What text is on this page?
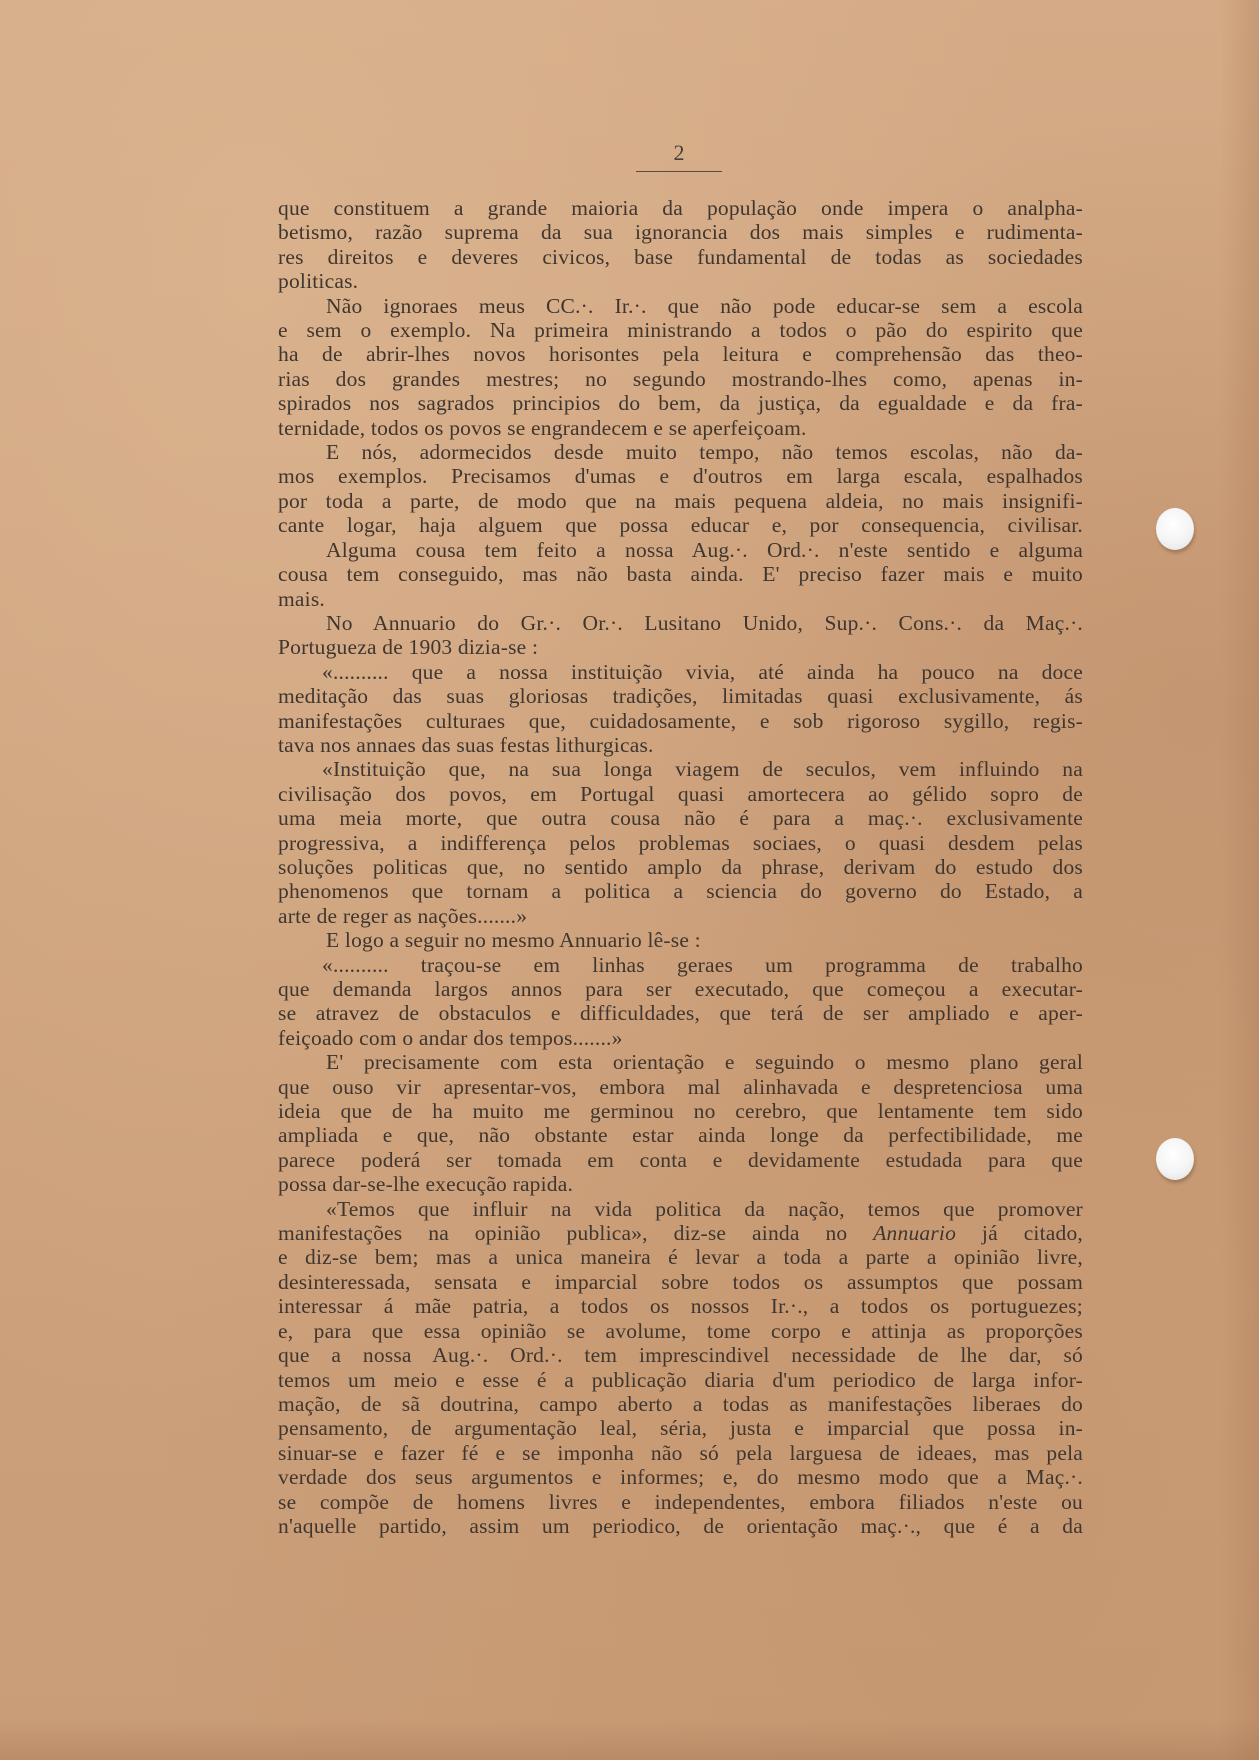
2
que constituem a grande maioria da população onde impera o analpha-
betismo, razão suprema da sua ignorancia dos mais simples e rudimenta-
res direitos e deveres civicos, base fundamental de todas as sociedades
politicas.
Não ignoraes meus CC.·. Ir.·. que não pode educar-se sem a escola
e sem o exemplo. Na primeira ministrando a todos o pão do espirito que
ha de abrir-lhes novos horisontes pela leitura e comprehensão das theo-
rias dos grandes mestres; no segundo mostrando-lhes como, apenas in-
spirados nos sagrados principios do bem, da justiça, da egualdade e da fra-
ternidade, todos os povos se engrandecem e se aperfeiçoam.
E nós, adormecidos desde muito tempo, não temos escolas, não da-
mos exemplos. Precisamos d'umas e d'outros em larga escala, espalhados
por toda a parte, de modo que na mais pequena aldeia, no mais insignifi-
cante logar, haja alguem que possa educar e, por consequencia, civilisar.
Alguma cousa tem feito a nossa Aug.·. Ord.·. n'este sentido e alguma
cousa tem conseguido, mas não basta ainda. E' preciso fazer mais e muito
mais.
No Annuario do Gr.·. Or.·. Lusitano Unido, Sup.·. Cons.·. da Maç.·.
Portugueza de 1903 dizia-se :
«.......... que a nossa instituição vivia, até ainda ha pouco na doce
meditação das suas gloriosas tradições, limitadas quasi exclusivamente, ás
manifestações culturaes que, cuidadosamente, e sob rigoroso sygillo, regis-
tava nos annaes das suas festas lithurgicas.
«Instituição que, na sua longa viagem de seculos, vem influindo na
civilisação dos povos, em Portugal quasi amortecera ao gélido sopro de
uma meia morte, que outra cousa não é para a maç.·. exclusivamente
progressiva, a indifferença pelos problemas sociaes, o quasi desdem pelas
soluções politicas que, no sentido amplo da phrase, derivam do estudo dos
phenomenos que tornam a politica a sciencia do governo do Estado, a
arte de reger as nações.......»
E logo a seguir no mesmo Annuario lê-se :
«.......... traçou-se em linhas geraes um programma de trabalho
que demanda largos annos para ser executado, que começou a executar-
se atravez de obstaculos e difficuldades, que terá de ser ampliado e aper-
feiçoado com o andar dos tempos.......»
E' precisamente com esta orientação e seguindo o mesmo plano geral
que ouso vir apresentar-vos, embora mal alinhavada e despretenciosa uma
ideia que de ha muito me germinou no cerebro, que lentamente tem sido
ampliada e que, não obstante estar ainda longe da perfectibilidade, me
parece poderá ser tomada em conta e devidamente estudada para que
possa dar-se-lhe execução rapida.
«Temos que influir na vida politica da nação, temos que promover
manifestações na opinião publica», diz-se ainda no Annuario já citado,
e diz-se bem; mas a unica maneira é levar a toda a parte a opinião livre,
desinteressada, sensata e imparcial sobre todos os assumptos que possam
interessar á mãe patria, a todos os nossos Ir.·., a todos os portuguezes;
e, para que essa opinião se avolume, tome corpo e attinja as proporções
que a nossa Aug.·. Ord.·. tem imprescindivel necessidade de lhe dar, só
temos um meio e esse é a publicação diaria d'um periodico de larga infor-
mação, de sã doutrina, campo aberto a todas as manifestações liberaes do
pensamento, de argumentação leal, séria, justa e imparcial que possa in-
sinuar-se e fazer fé e se imponha não só pela larguesa de ideaes, mas pela
verdade dos seus argumentos e informes; e, do mesmo modo que a Maç.·.
se compõe de homens livres e independentes, embora filiados n'este ou
n'aquelle partido, assim um periodico, de orientação maç.·., que é a da
